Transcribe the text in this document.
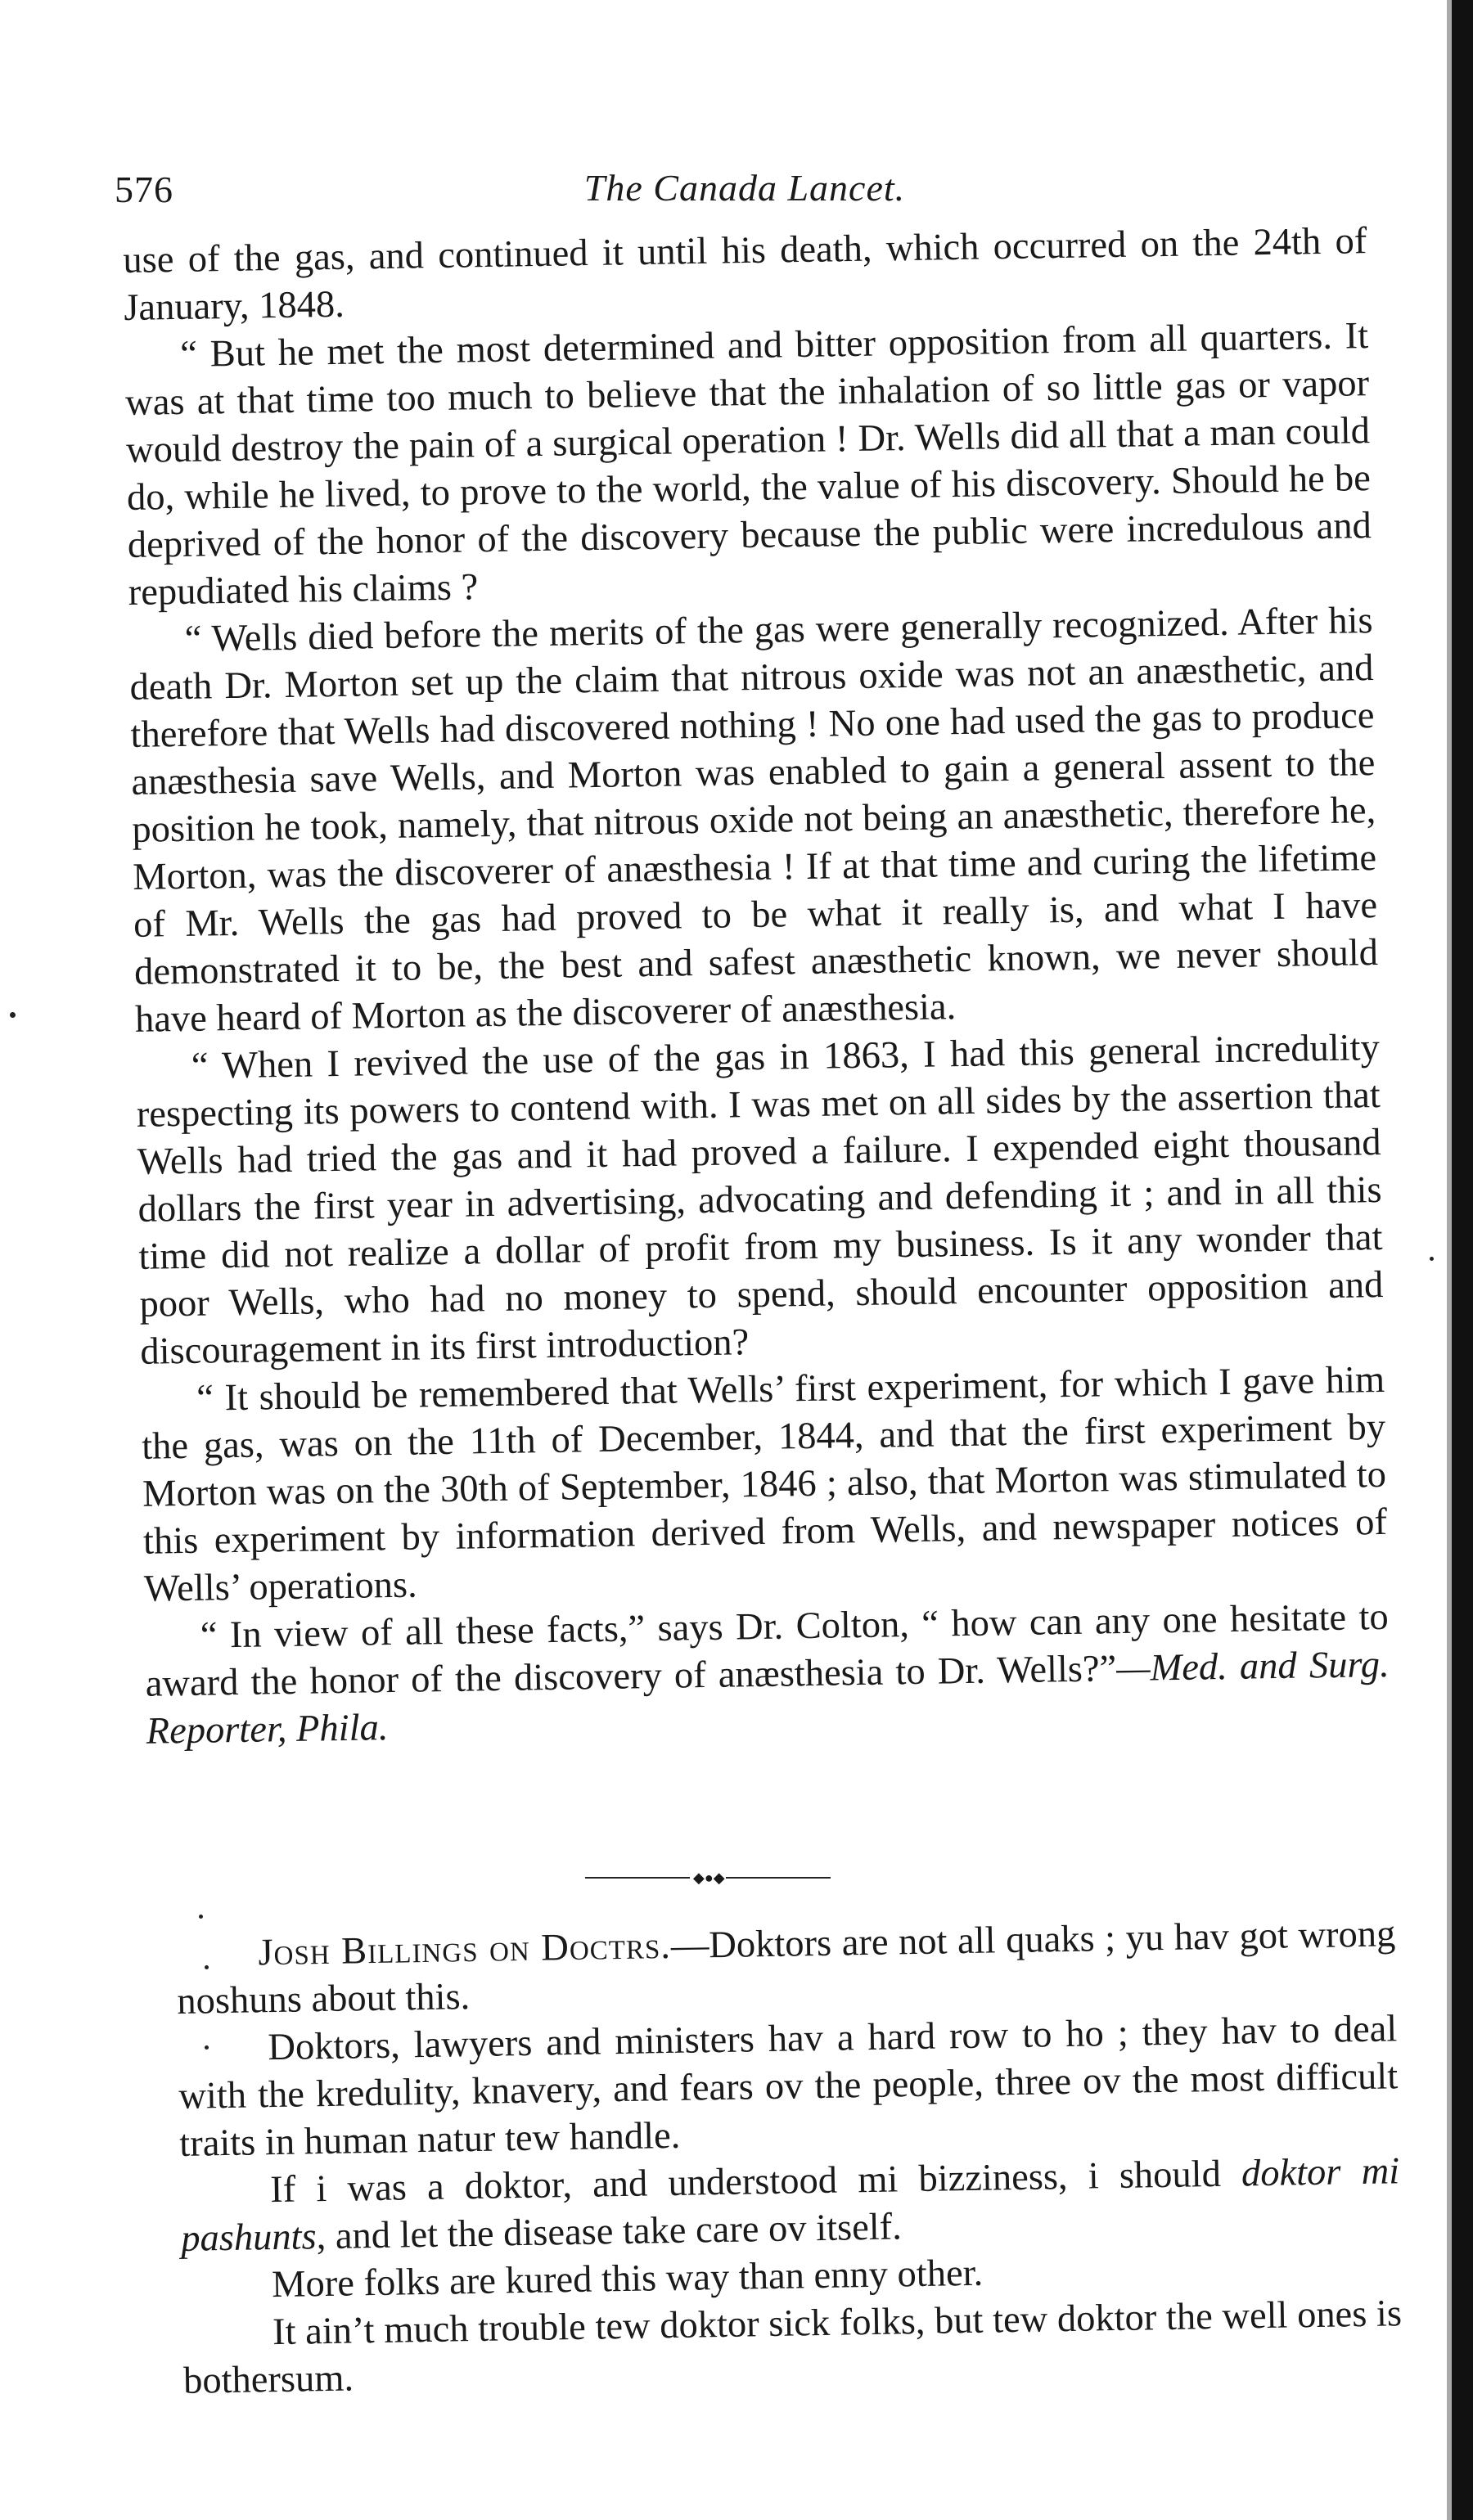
576	The Canada Lancet.

use of the gas, and continued it until his death, which occurred on the 24th of January, 1848.

“ But he met the most determined and bitter opposition from all quarters. It was at that time too much to believe that the inhalation of so little gas or vapor would destroy the pain of a surgical operation ! Dr. Wells did all that a man could do, while he lived, to prove to the world, the value of his discovery. Should he be deprived of the honor of the discovery because the public were incredulous and repudiated his claims ?

“ Wells died before the merits of the gas were generally recognized. After his death Dr. Morton set up the claim that nitrous oxide was not an anæsthetic, and therefore that Wells had discovered nothing ! No one had used the gas to produce anæsthesia save Wells, and Morton was enabled to gain a general assent to the position he took, namely, that nitrous oxide not being an anæsthetic, therefore he, Morton, was the discoverer of anæsthesia ! If at that time and curing the lifetime of Mr. Wells the gas had proved to be what it really is, and what I have demonstrated it to be, the best and safest anæsthetic known, we never should have heard of Morton as the discoverer of anæsthesia.

“ When I revived the use of the gas in 1863, I had this general incredulity respecting its powers to contend with. I was met on all sides by the assertion that Wells had tried the gas and it had proved a failure. I expended eight thousand dollars the first year in advertising, advocating and defending it ; and in all this time did not realize a dollar of profit from my business. Is it any wonder that poor Wells, who had no money to spend, should encounter opposition and discouragement in its first introduction?

“ It should be remembered that Wells’ first experiment, for which I gave him the gas, was on the 11th of December, 1844, and that the first experiment by Morton was on the 30th of September, 1846 ; also, that Morton was stimulated to this experiment by information derived from Wells, and newspaper notices of Wells’ operations.

“ In view of all these facts,” says Dr. Colton, “ how can any one hesitate to award the honor of the discovery of anæsthesia to Dr. Wells?”—Med. and Surg. Reporter, Phila.

◆●◆

Josh Billings on Doctrs.—Doktors are not all quaks ; yu hav got wrong noshuns about this.

Doktors, lawyers and ministers hav a hard row to ho ; they hav to deal with the kredulity, knavery, and fears ov the people, three ov the most difficult traits in human natur tew handle.

If i was a doktor, and understood mi bizziness, i should doktor mi pashunts, and let the disease take care ov itself.

More folks are kured this way than enny other.

It ain’t much trouble tew doktor sick folks, but tew doktor the well ones is bothersum.
